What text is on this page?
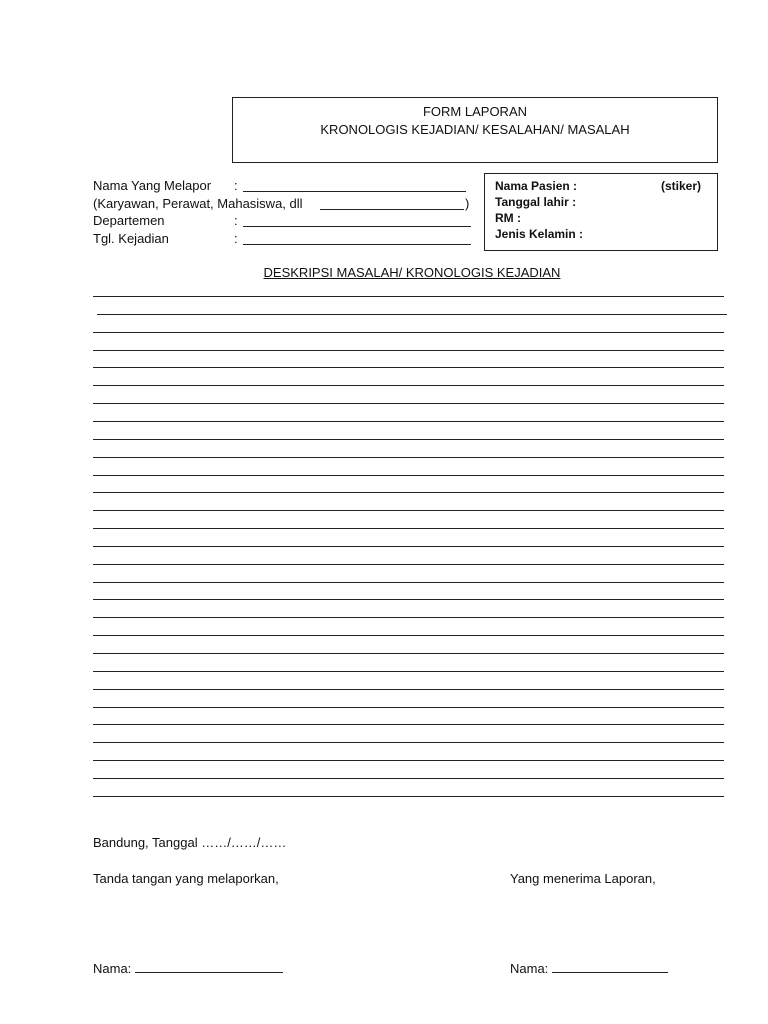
FORM LAPORAN
KRONOLOGIS KEJADIAN/ KESALAHAN/ MASALAH
Nama Yang Melapor :
(Karyawan, Perawat, Mahasiswa, dll	)
Departemen	:
Tgl. Kejadian	:
Nama Pasien :	(stiker)
Tanggal lahir :
RM :
Jenis Kelamin :
DESKRIPSI MASALAH/ KRONOLOGIS KEJADIAN
Bandung, Tanggal ……/……/……
Tanda tangan yang melaporkan,	Yang menerima Laporan,
Nama:	Nama:
